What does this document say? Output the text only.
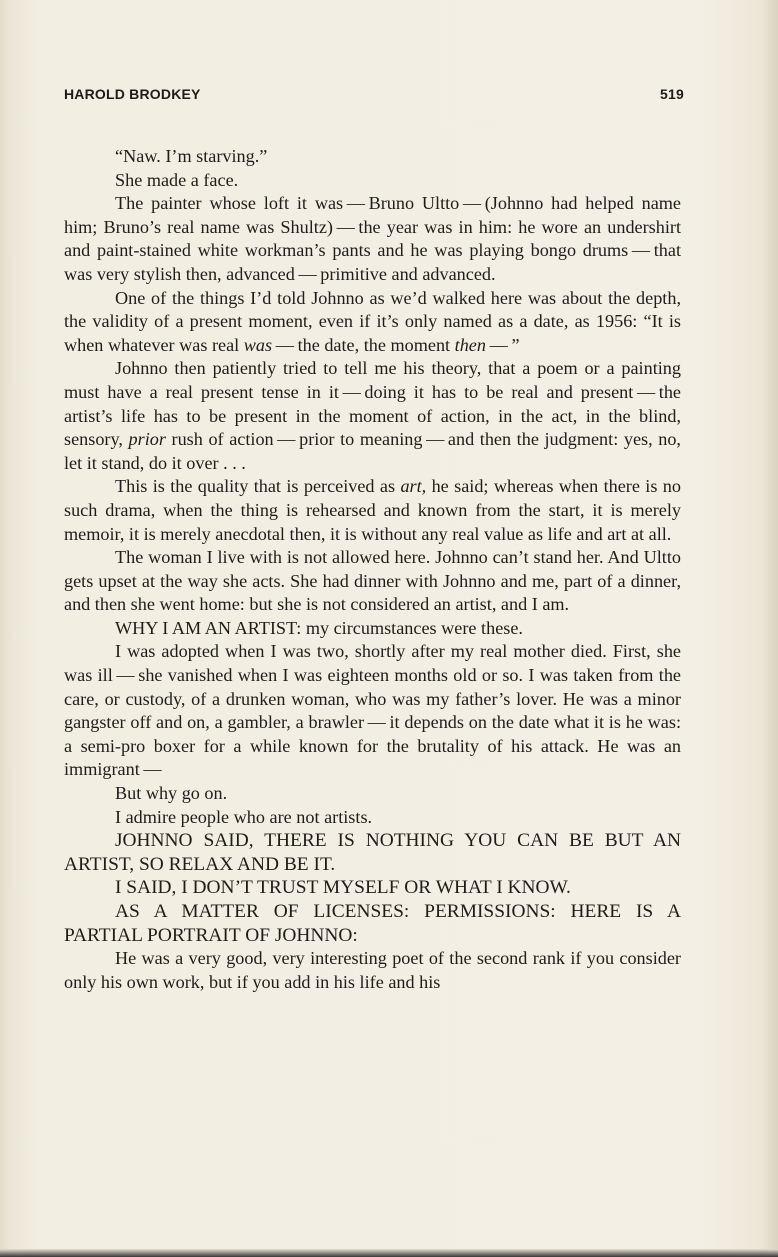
HAROLD BRODKEY	519

“Naw. I’m starving.”

She made a face.

The painter whose loft it was — Bruno Ultto — (Johnno had helped name him; Bruno’s real name was Shultz) — the year was in him: he wore an undershirt and paint-stained white workman’s pants and he was playing bongo drums — that was very stylish then, advanced — primitive and advanced.

One of the things I’d told Johnno as we’d walked here was about the depth, the validity of a present moment, even if it’s only named as a date, as 1956: “It is when whatever was real was — the date, the moment then — ”

Johnno then patiently tried to tell me his theory, that a poem or a painting must have a real present tense in it — doing it has to be real and present — the artist’s life has to be present in the moment of action, in the act, in the blind, sensory, prior rush of action — prior to meaning — and then the judgment: yes, no, let it stand, do it over . . .

This is the quality that is perceived as art, he said; whereas when there is no such drama, when the thing is rehearsed and known from the start, it is merely memoir, it is merely anecdotal then, it is without any real value as life and art at all.

The woman I live with is not allowed here. Johnno can’t stand her. And Ultto gets upset at the way she acts. She had dinner with Johnno and me, part of a dinner, and then she went home: but she is not considered an artist, and I am.

WHY I AM AN ARTIST: my circumstances were these.

I was adopted when I was two, shortly after my real mother died. First, she was ill — she vanished when I was eighteen months old or so. I was taken from the care, or custody, of a drunken woman, who was my father’s lover. He was a minor gangster off and on, a gambler, a brawler — it depends on the date what it is he was: a semi-pro boxer for a while known for the brutality of his attack. He was an immigrant —

But why go on.

I admire people who are not artists.

JOHNNO SAID, THERE IS NOTHING YOU CAN BE BUT AN ARTIST, SO RELAX AND BE IT.

I SAID, I DON’T TRUST MYSELF OR WHAT I KNOW.

AS A MATTER OF LICENSES: PERMISSIONS: HERE IS A PARTIAL PORTRAIT OF JOHNNO:

He was a very good, very interesting poet of the second rank if you consider only his own work, but if you add in his life and his
